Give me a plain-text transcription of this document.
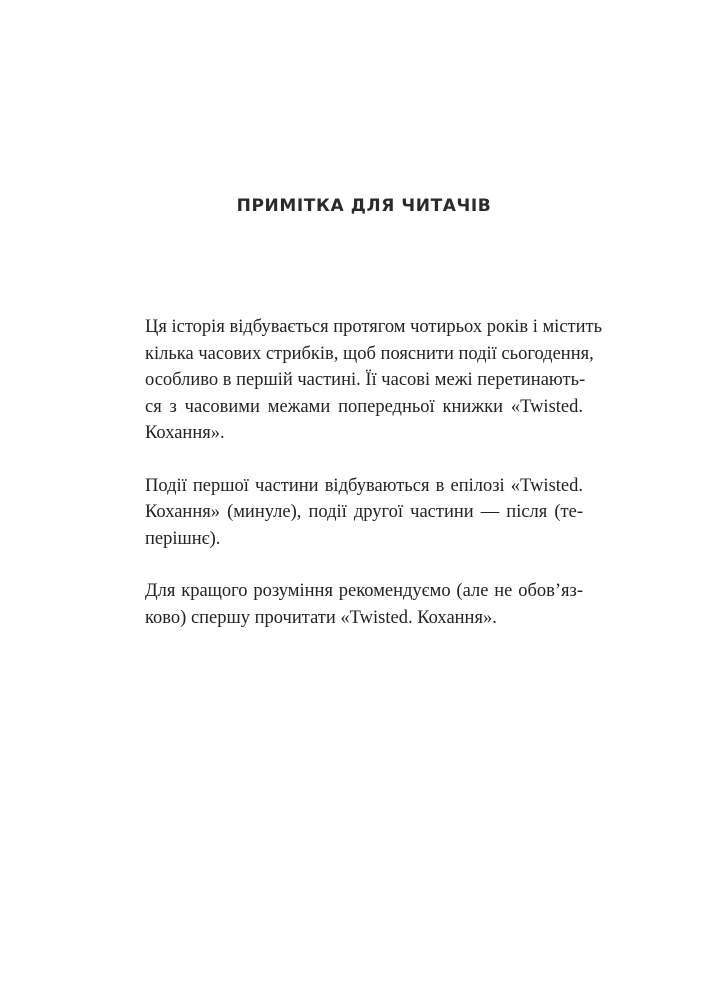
ПРИМІТКА ДЛЯ ЧИТАЧІВ

Ця історія відбувається протягом чотирьох років і містить
кілька часових стрибків, щоб пояснити події сьогодення,
особливо в першій частині. Її часові межі перетинають-
ся з часовими межами попередньої книжки «Twisted.
Кохання».

Події першої частини відбуваються в епілозі «Twisted.
Кохання» (минуле), події другої частини — після (те-
перішнє).

Для кращого розуміння рекомендуємо (але не обов’яз-
ково) спершу прочитати «Twisted. Кохання».
